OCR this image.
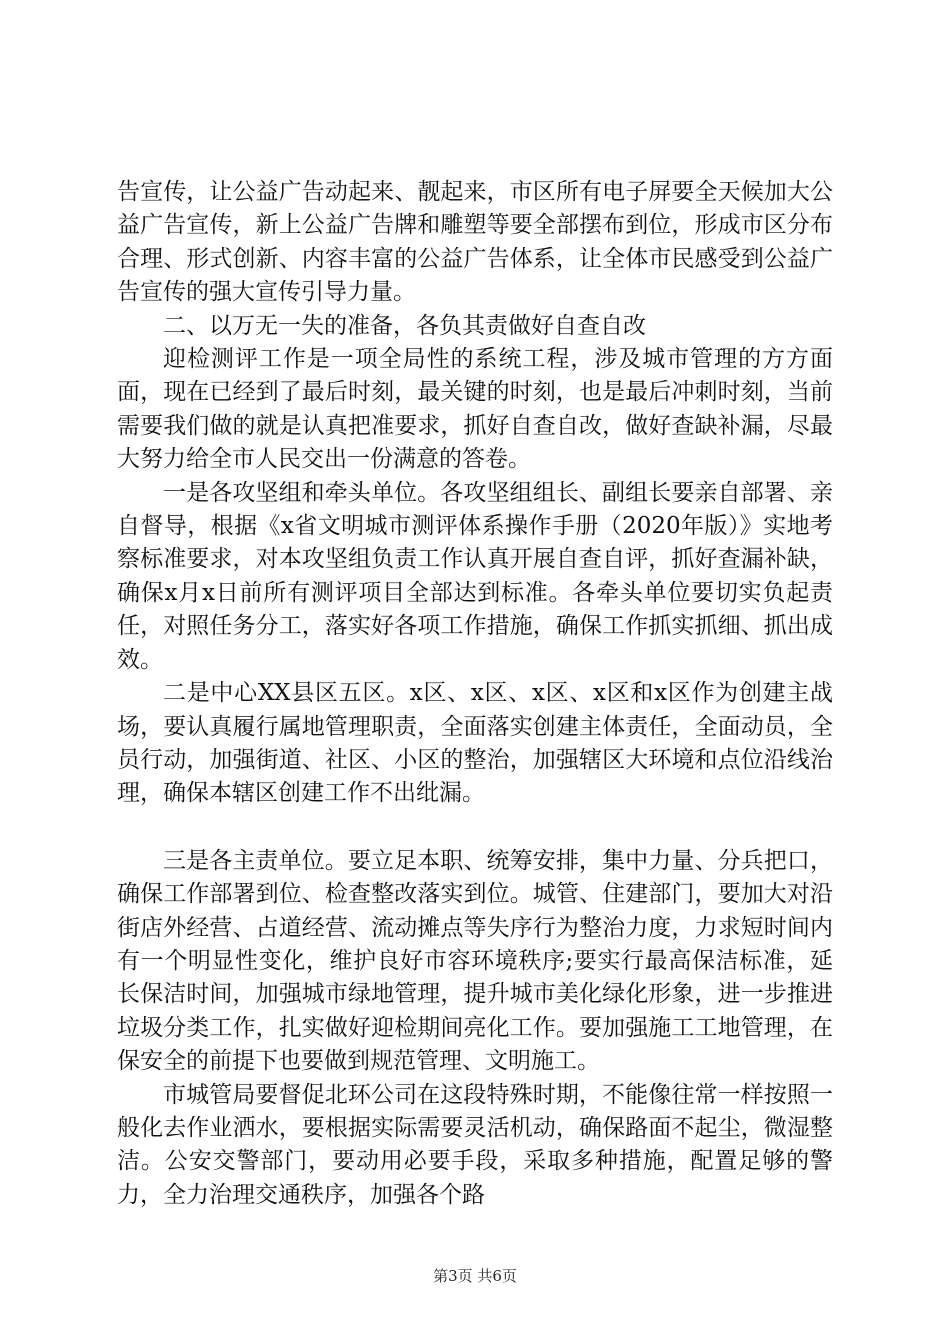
告宣传，让公益广告动起来、靓起来，市区所有电子屏要全天候加大公益广告宣传，新上公益广告牌和雕塑等要全部摆布到位，形成市区分布合理、形式创新、内容丰富的公益广告体系，让全体市民感受到公益广告宣传的强大宣传引导力量。

二、以万无一失的准备，各负其责做好自查自改

迎检测评工作是一项全局性的系统工程，涉及城市管理的方方面面，现在已经到了最后时刻，最关键的时刻，也是最后冲刺时刻，当前需要我们做的就是认真把准要求，抓好自查自改，做好查缺补漏，尽最大努力给全市人民交出一份满意的答卷。

一是各攻坚组和牵头单位。各攻坚组组长、副组长要亲自部署、亲自督导，根据《x省文明城市测评体系操作手册（2020年版）》实地考察标准要求，对本攻坚组负责工作认真开展自查自评，抓好查漏补缺，确保x月x日前所有测评项目全部达到标准。各牵头单位要切实负起责任，对照任务分工，落实好各项工作措施，确保工作抓实抓细、抓出成效。

二是中心XX县区五区。x区、x区、x区、x区和x区作为创建主战场，要认真履行属地管理职责，全面落实创建主体责任，全面动员，全员行动，加强街道、社区、小区的整治，加强辖区大环境和点位沿线治理，确保本辖区创建工作不出纰漏。

三是各主责单位。要立足本职、统筹安排，集中力量、分兵把口，确保工作部署到位、检查整改落实到位。城管、住建部门，要加大对沿街店外经营、占道经营、流动摊点等失序行为整治力度，力求短时间内有一个明显性变化，维护良好市容环境秩序;要实行最高保洁标准，延长保洁时间，加强城市绿地管理，提升城市美化绿化形象，进一步推进垃圾分类工作，扎实做好迎检期间亮化工作。要加强施工工地管理，在保安全的前提下也要做到规范管理、文明施工。

市城管局要督促北环公司在这段特殊时期，不能像往常一样按照一般化去作业洒水，要根据实际需要灵活机动，确保路面不起尘，微湿整洁。公安交警部门，要动用必要手段，采取多种措施，配置足够的警力，全力治理交通秩序，加强各个路

第3页 共6页
